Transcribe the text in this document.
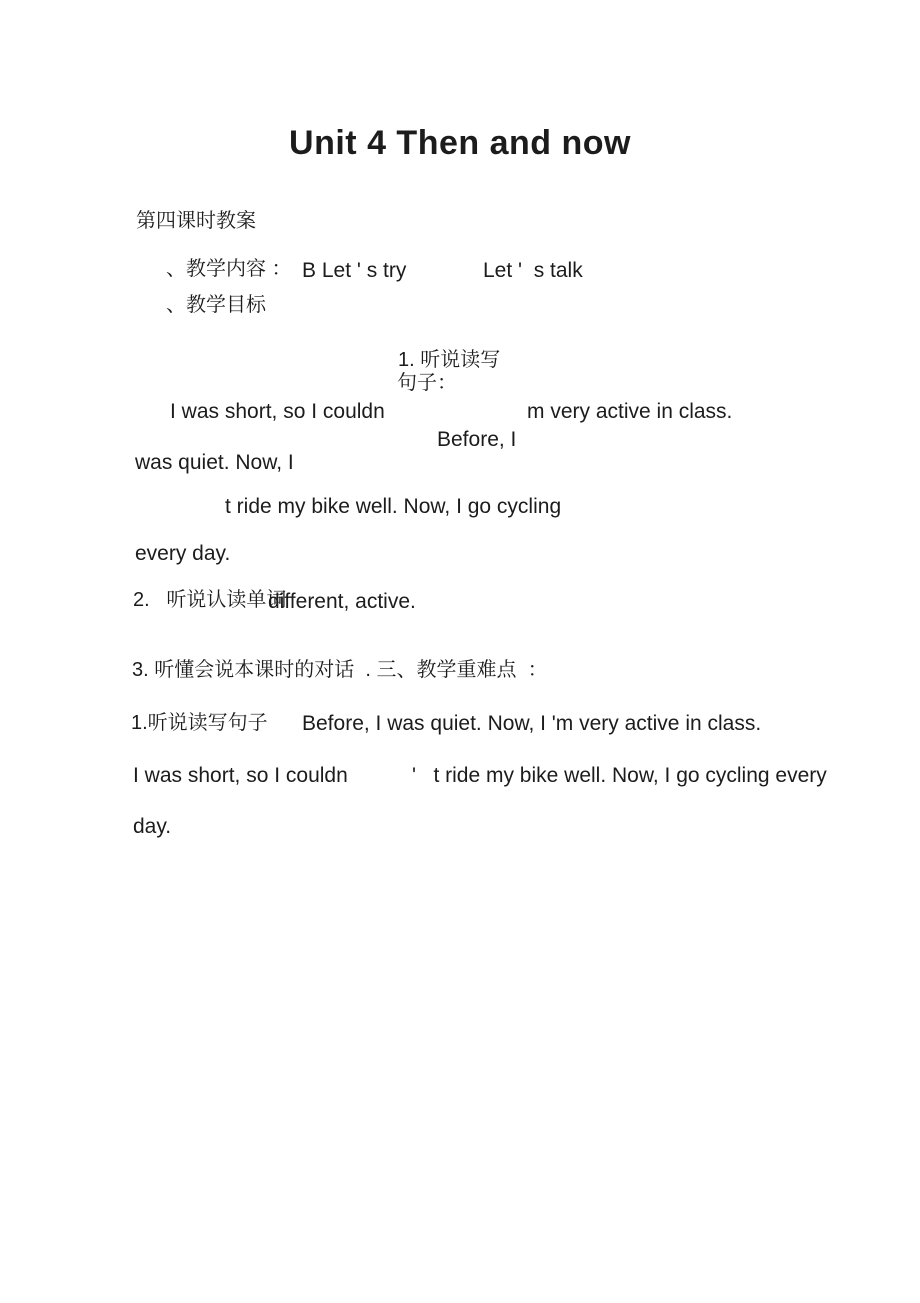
Unit 4 Then and now
第四课时教案
、教学内容 ： B Let ' s try	Let '  s talk
、教学目标
1. 听说读写
句子：
I was short, so I couldn	m very active in class.
Before, I
was quiet. Now, I
t ride my bike well. Now, I go cycling
every day.
2.   听说认读单词
different, active.
3. 听懂会说本课时的对话  . 三、教学重难点  ：
1.听说读写句子 Before, I was quiet. Now, I 'm very active in class.
I was short, so I couldn           '   t ride my bike well. Now, I go cycling every
day.
